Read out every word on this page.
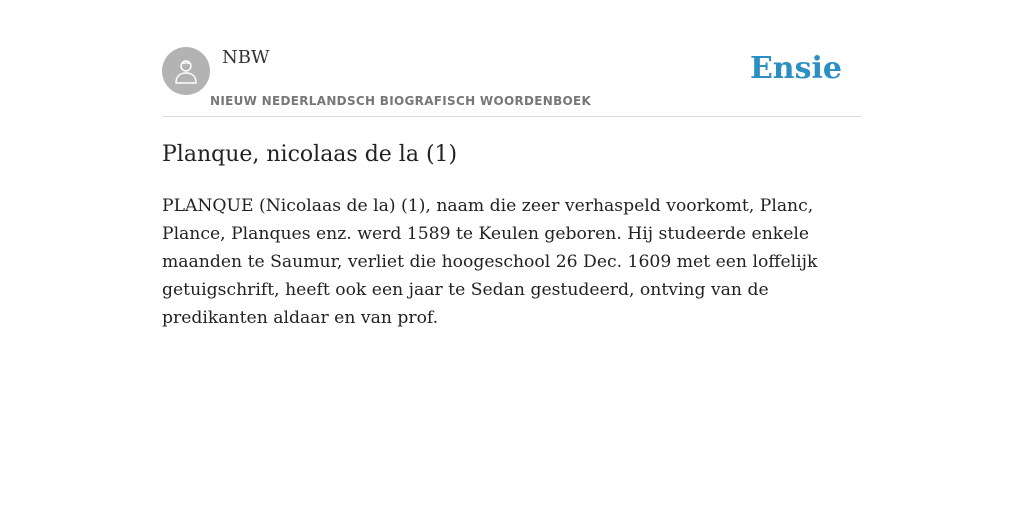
NBW
NIEUW NEDERLANDSCH BIOGRAFISCH WOORDENBOEK
Ensie
Planque, nicolaas de la (1)

PLANQUE (Nicolaas de la) (1), naam die zeer verhaspeld voorkomt, Planc, Plance, Planques enz. werd 1589 te Keulen geboren. Hij studeerde enkele maanden te Saumur, verliet die hoogeschool 26 Dec. 1609 met een loffelijk getuigschrift, heeft ook een jaar te Sedan gestudeerd, ontving van de predikanten aldaar en van prof.
